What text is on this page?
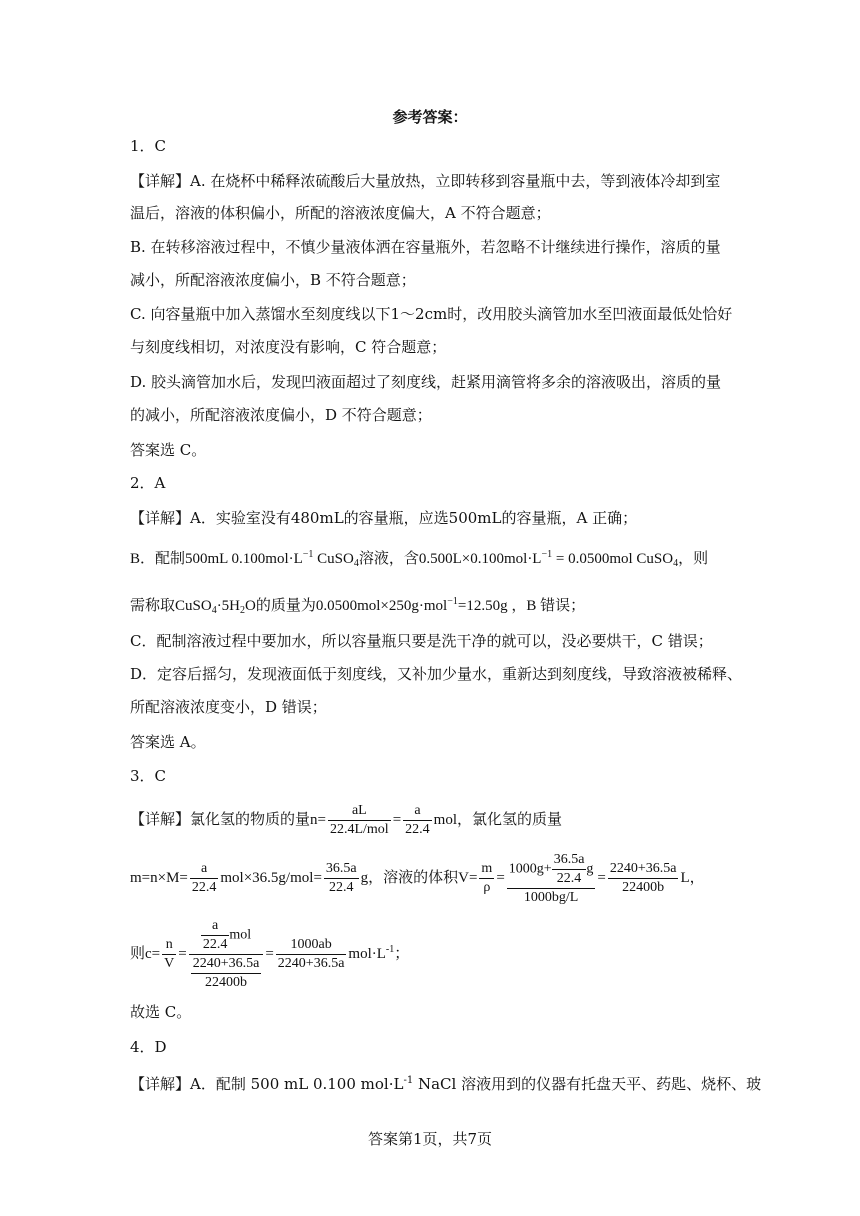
参考答案：
1．C
【详解】A. 在烧杯中稀释浓硫酸后大量放热，立即转移到容量瓶中去，等到液体冷却到室
温后，溶液的体积偏小，所配的溶液浓度偏大，A 不符合题意；
B. 在转移溶液过程中，不慎少量液体洒在容量瓶外，若忽略不计继续进行操作，溶质的量
减小，所配溶液浓度偏小，B 不符合题意；
C. 向容量瓶中加入蒸馏水至刻度线以下1～2cm时，改用胶头滴管加水至凹液面最低处恰好
与刻度线相切，对浓度没有影响，C 符合题意；
D. 胶头滴管加水后，发现凹液面超过了刻度线，赶紧用滴管将多余的溶液吸出，溶质的量
的减小，所配溶液浓度偏小，D 不符合题意；
答案选 C。
2．A
【详解】A．实验室没有480mL的容量瓶，应选500mL的容量瓶，A 正确；
B．配制500mL $0.100mol\cdot L^{-1}$ CuSO$_4$溶液，含$0.500L\times 0.100mol\cdot L^{-1} = 0.0500mol$ CuSO$_4$，则
需称取$CuSO_4\cdot 5H_2O$的质量为0.0500mol×250g·mol$^{-1}$=12.50g ，B 错误；
C．配制溶液过程中要加水，所以容量瓶只要是洗干净的就可以，没必要烘干，C 错误；
D．定容后摇匀，发现液面低于刻度线，又补加少量水，重新达到刻度线，导致溶液被稀释、
所配溶液浓度变小，D 错误；
答案选 A。
3．C
【详解】氯化氢的物质的量$n= \frac{aL}{\text{22.4L/mol}} = \frac{a}{22.4}$ mol，氯化氢的质量
$m=n\times M= \frac{a}{22.4} mol\times 36.5g/mol= \frac{36.5a}{22.4}$ g，溶液的体积$V= \frac{m}{\rho} = \frac{1000g+ \frac{36.5a}{22.4} g}{1000bg/L} = \frac{2240+36.5a}{22400b}$ L，
则$c= \frac{n}{V} = \frac{a}{22.4}$ mol
2240+36.5a
$22400b = \frac{1000ab}{2240+36.5a} mol\cdot L^{-1}$；
故选 C。
4．D
【详解】A．配制 500 mL 0.100 $mol\cdot L^{-1}$ NaCl 溶液用到的仪器有托盘天平、药匙、烧杯、玻
答案第1页，共7页
